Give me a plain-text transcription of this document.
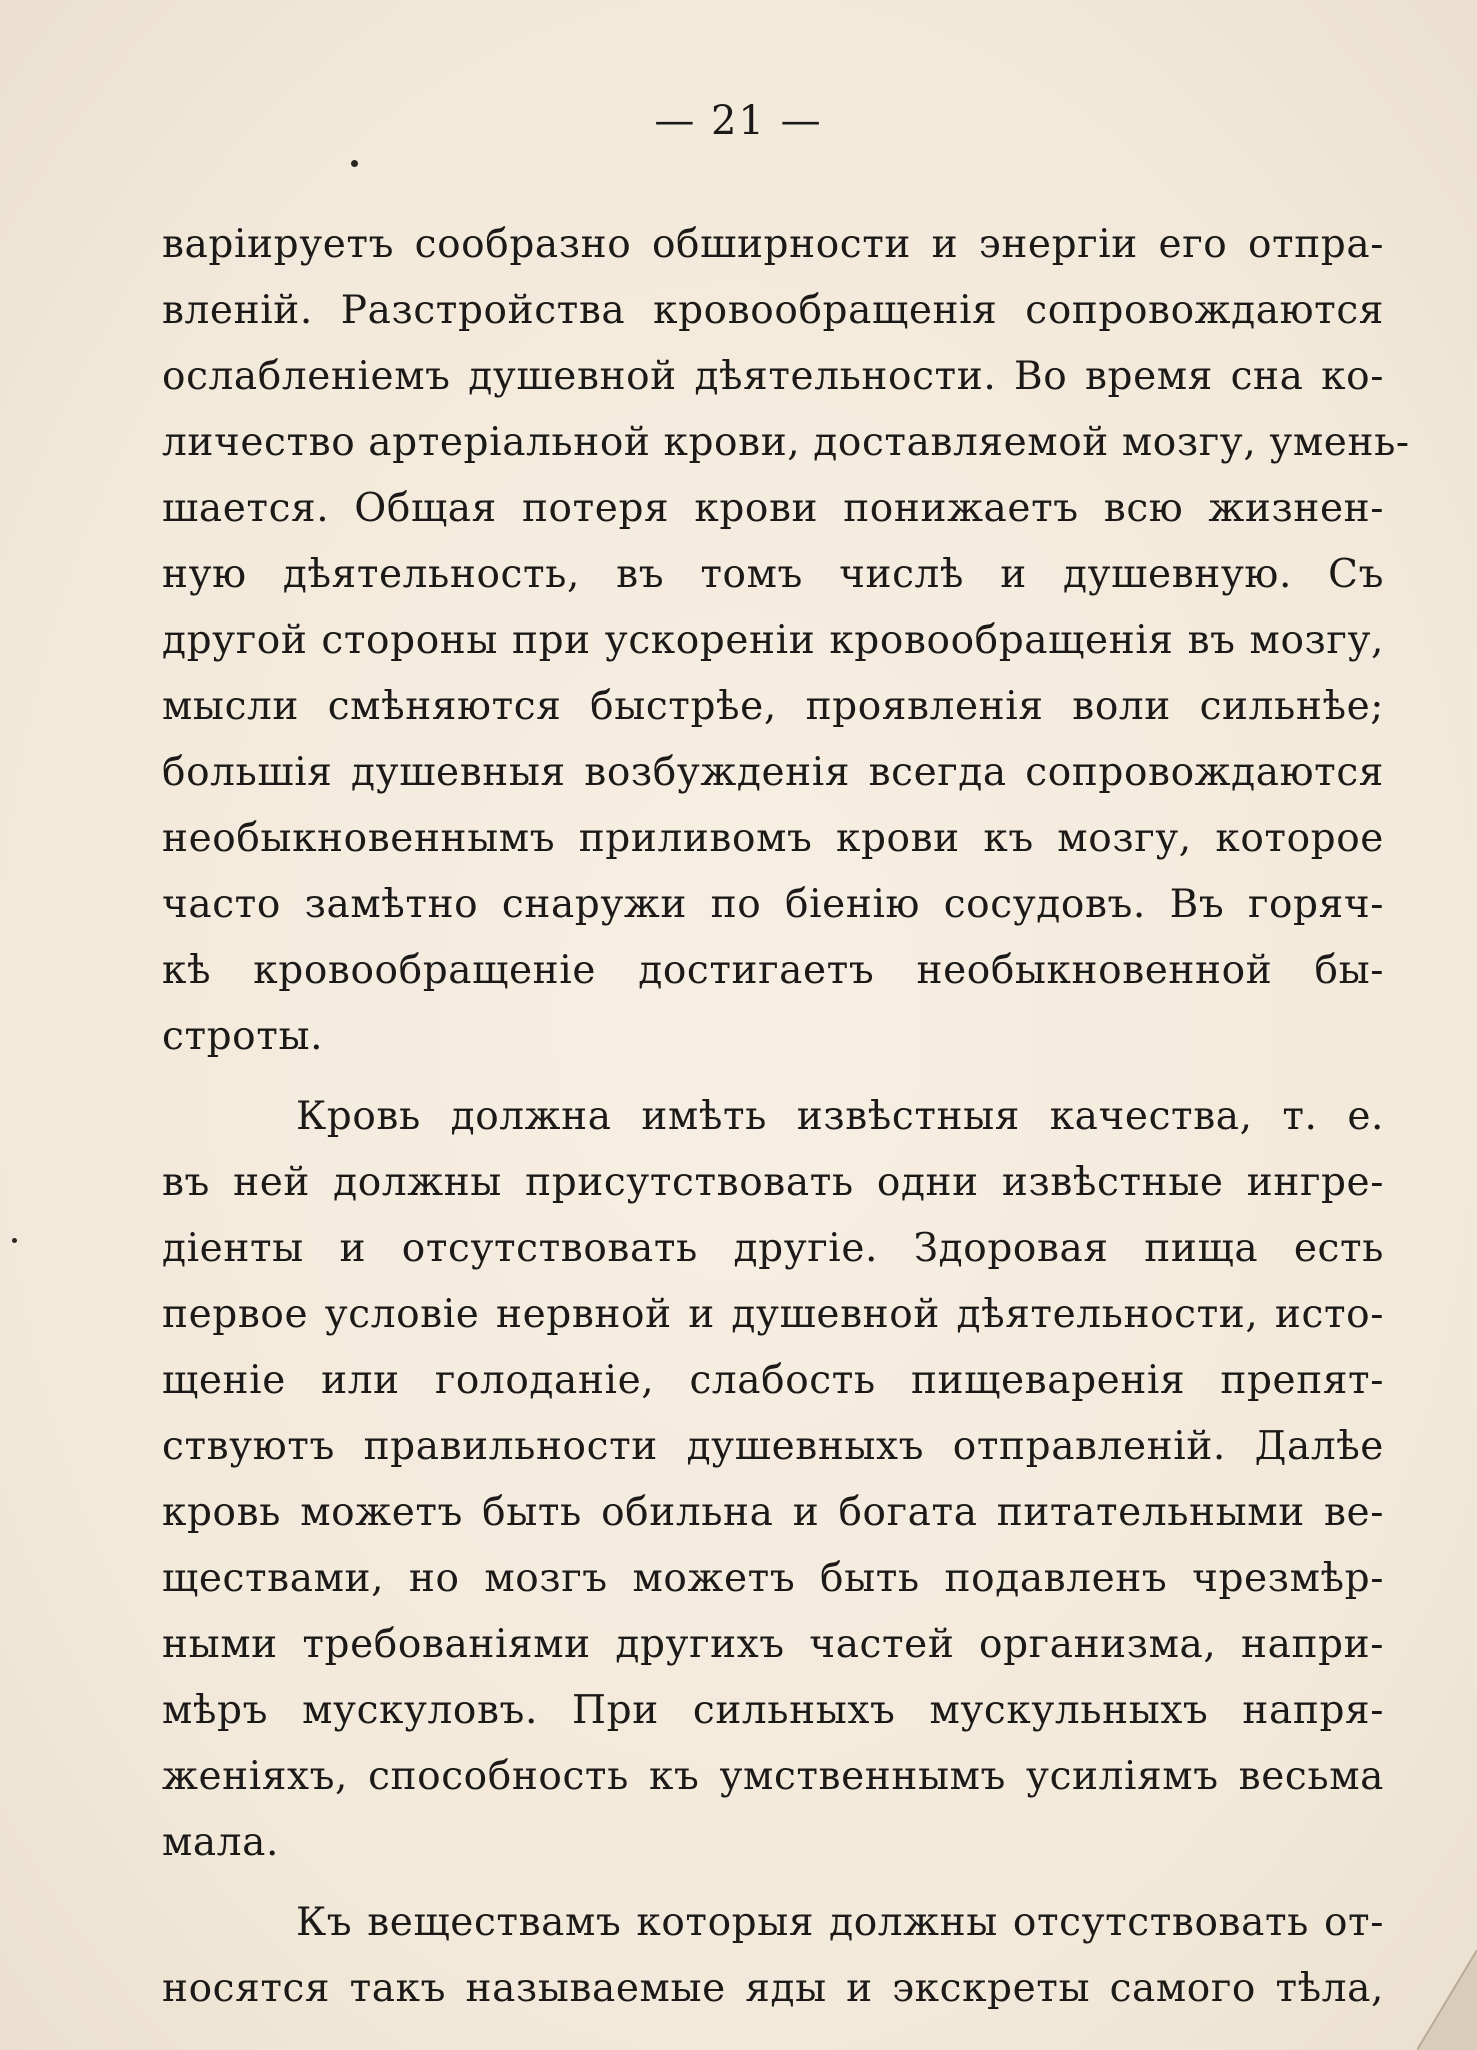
— 21 —
варіируетъ сообразно обширности и энергіи его отпра-
вленій. Разстройства кровообращенія сопровождаются
ослабленіемъ душевной дѣятельности. Во время сна ко-
личество артеріальной крови, доставляемой мозгу, умень-
шается. Общая потеря крови понижаетъ всю жизнен-
ную дѣятельность, въ томъ числѣ и душевную. Съ
другой стороны при ускореніи кровообращенія въ мозгу,
мысли смѣняются быстрѣе, проявленія воли сильнѣе;
большія душевныя возбужденія всегда сопровождаются
необыкновеннымъ приливомъ крови къ мозгу, которое
часто замѣтно снаружи по біенію сосудовъ. Въ горяч-
кѣ кровообращеніе достигаетъ необыкновенной бы-
строты.
Кровь должна имѣть извѣстныя качества, т. е.
въ ней должны присутствовать одни извѣстные ингре-
діенты и отсутствовать другіе. Здоровая пища есть
первое условіе нервной и душевной дѣятельности, исто-
щеніе или голоданіе, слабость пищеваренія препят-
ствуютъ правильности душевныхъ отправленій. Далѣе
кровь можетъ быть обильна и богата питательными ве-
ществами, но мозгъ можетъ быть подавленъ чрезмѣр-
ными требованіями другихъ частей организма, напри-
мѣръ мускуловъ. При сильныхъ мускульныхъ напря-
женіяхъ, способность къ умственнымъ усиліямъ весьма
мала.
Къ веществамъ которыя должны отсутствовать от-
носятся такъ называемые яды и экскреты самого тѣла,
